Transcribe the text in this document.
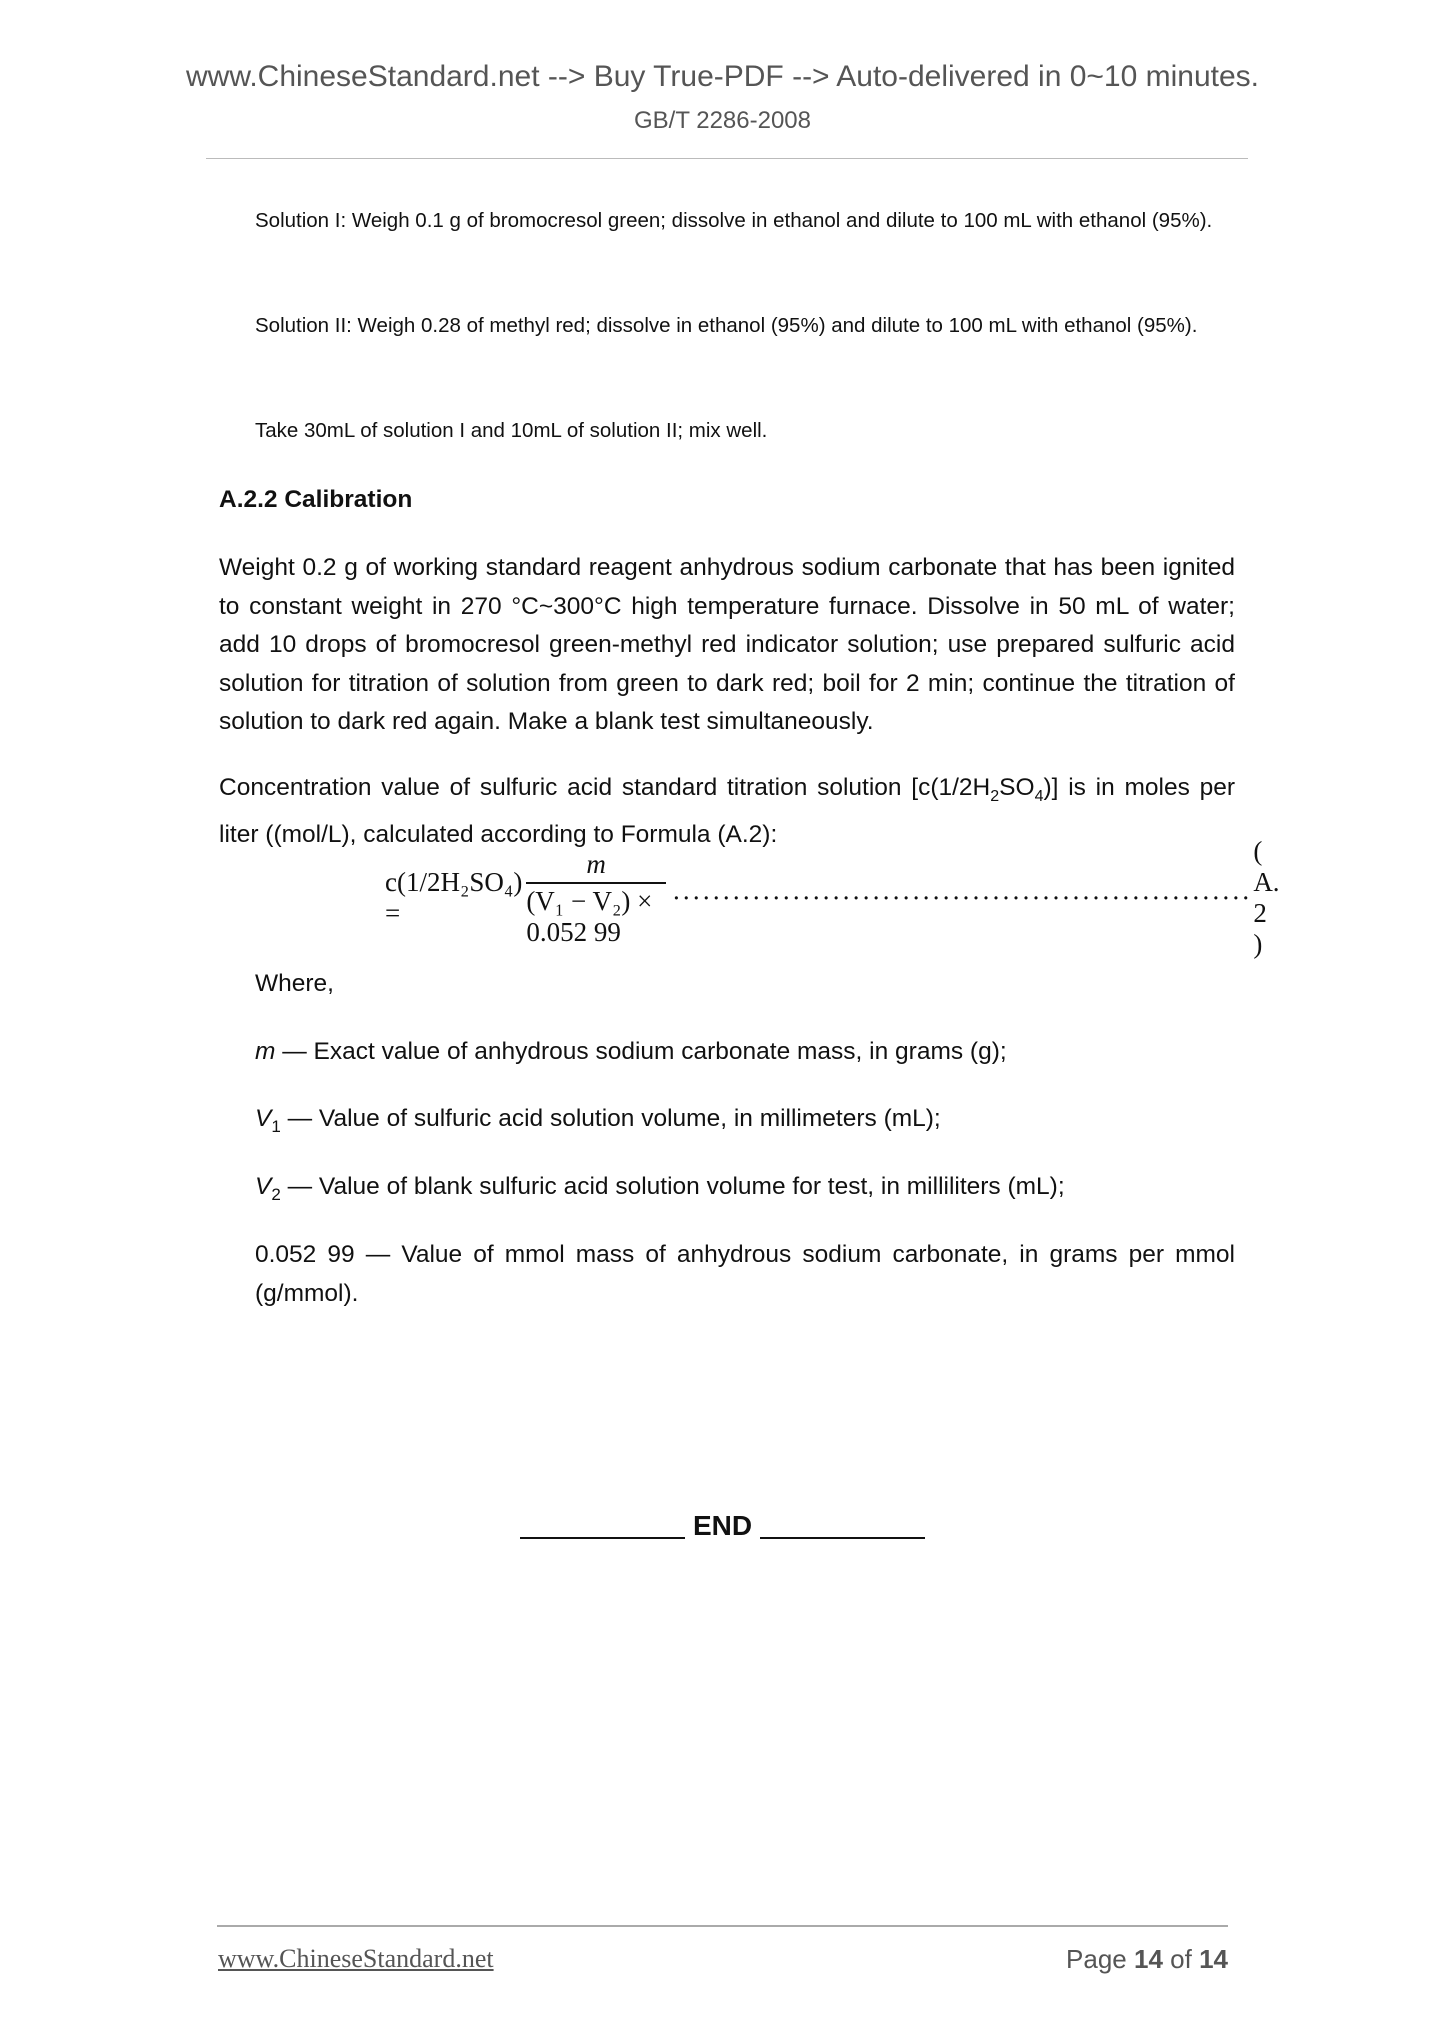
www.ChineseStandard.net --> Buy True-PDF --> Auto-delivered in 0~10 minutes.
GB/T 2286-2008

Solution I: Weigh 0.1 g of bromocresol green; dissolve in ethanol and dilute to 100 mL with ethanol (95%).

Solution II: Weigh 0.28 of methyl red; dissolve in ethanol (95%) and dilute to 100 mL with ethanol (95%).

Take 30mL of solution I and 10mL of solution II; mix well.

A.2.2 Calibration

Weight 0.2 g of working standard reagent anhydrous sodium carbonate that has been ignited to constant weight in 270 °C~300°C high temperature furnace. Dissolve in 50 mL of water; add 10 drops of bromocresol green-methyl red indicator solution; use prepared sulfuric acid solution for titration of solution from green to dark red; boil for 2 min; continue the titration of solution to dark red again. Make a blank test simultaneously.

Concentration value of sulfuric acid standard titration solution $[c(1/2H_2SO_4)]$ is in moles per liter ((mol/L), calculated according to Formula (A.2):

c(1/2H₂SO₄) =	$\frac{m}{\text{(V₁ − V₂) × 0.052 99}}$ ··························································
( A. 2 )

Where,

m — Exact value of anhydrous sodium carbonate mass, in grams (g);

$V_1$ — Value of sulfuric acid solution volume, in millimeters (mL);

$V_2$ — Value of blank sulfuric acid solution volume for test, in milliliters (mL);

0.052 99 — Value of mmol mass of anhydrous sodium carbonate, in grams per mmol (g/mmol).

END
www.ChineseStandard.net	Page 14 of 14
